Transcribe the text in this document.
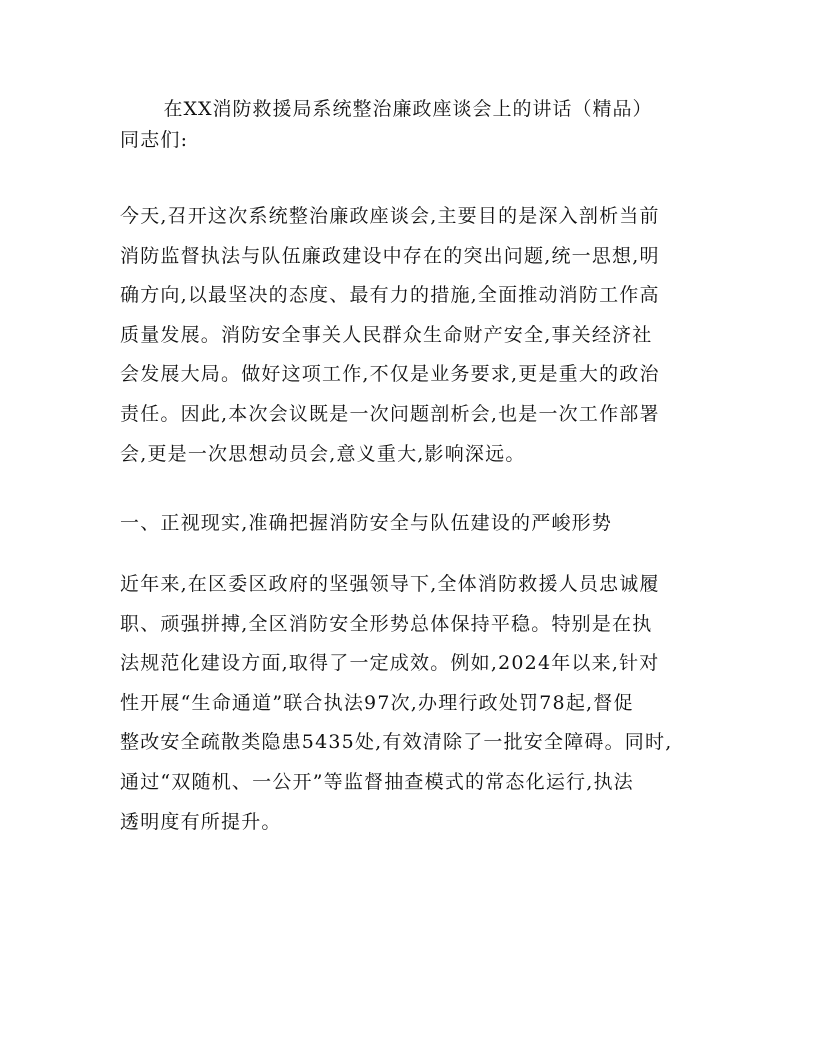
在XX消防救援局系统整治廉政座谈会上的讲话（精品）
同志们:
今天,召开这次系统整治廉政座谈会,主要目的是深入剖析当前
消防监督执法与队伍廉政建设中存在的突出问题,统一思想,明
确方向,以最坚决的态度、最有力的措施,全面推动消防工作高
质量发展。消防安全事关人民群众生命财产安全,事关经济社
会发展大局。做好这项工作,不仅是业务要求,更是重大的政治
责任。因此,本次会议既是一次问题剖析会,也是一次工作部署
会,更是一次思想动员会,意义重大,影响深远。
一、正视现实,准确把握消防安全与队伍建设的严峻形势
近年来,在区委区政府的坚强领导下,全体消防救援人员忠诚履
职、顽强拼搏,全区消防安全形势总体保持平稳。特别是在执
法规范化建设方面,取得了一定成效。例如,2024年以来,针对
性开展“生命通道”联合执法97次,办理行政处罚78起,督促
整改安全疏散类隐患5435处,有效清除了一批安全障碍。同时,
通过“双随机、一公开”等监督抽查模式的常态化运行,执法
透明度有所提升。
